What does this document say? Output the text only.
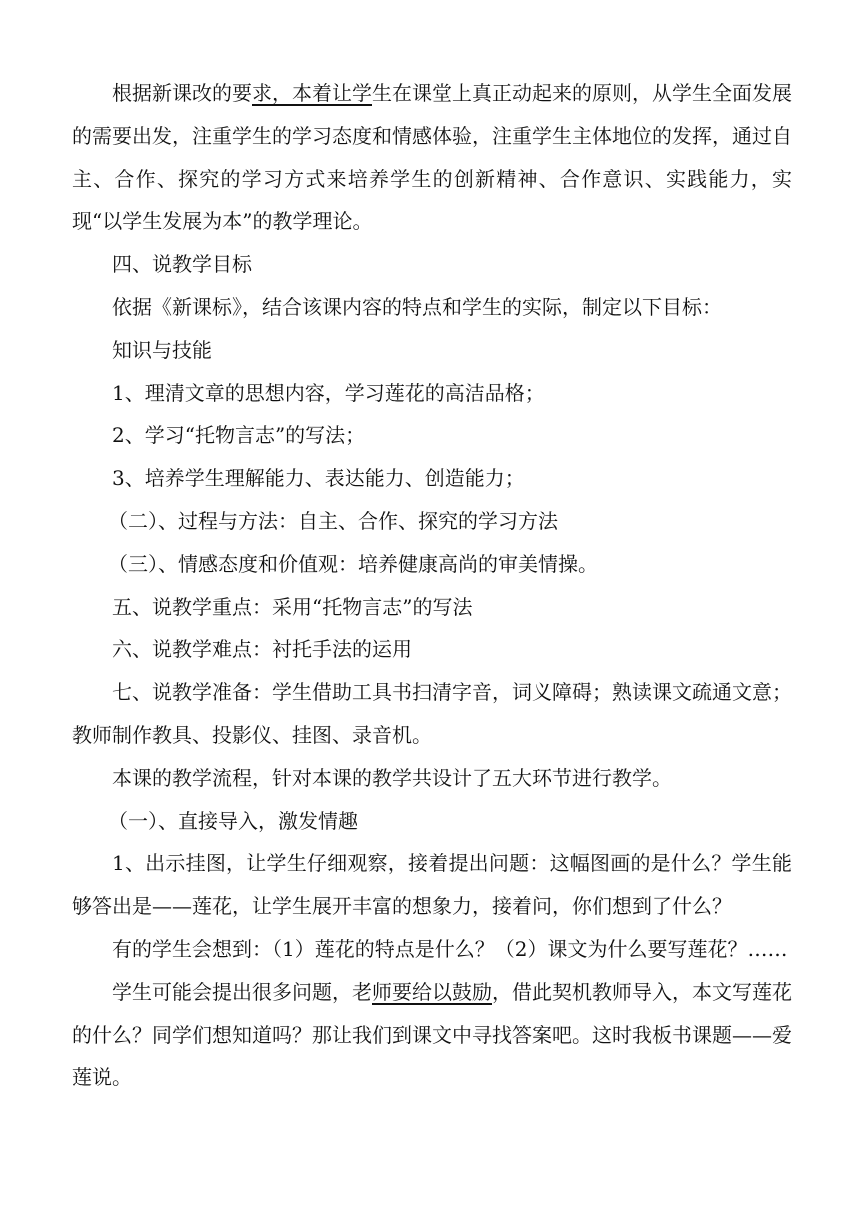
根据新课改的要求，本着让学生在课堂上真正动起来的原则，从学生全面发展的需要出发，注重学生的学习态度和情感体验，注重学生主体地位的发挥，通过自主、合作、探究的学习方式来培养学生的创新精神、合作意识、实践能力，实现“以学生发展为本”的教学理论。

四、说教学目标

依据《新课标》，结合该课内容的特点和学生的实际，制定以下目标：

知识与技能

1、理清文章的思想内容，学习莲花的高洁品格；

2、学习“托物言志”的写法；

3、培养学生理解能力、表达能力、创造能力；

（二）、过程与方法：自主、合作、探究的学习方法

（三）、情感态度和价值观：培养健康高尚的审美情操。

五、说教学重点：采用“托物言志”的写法

六、说教学难点：衬托手法的运用

七、说教学准备：学生借助工具书扫清字音，词义障碍；熟读课文疏通文意；教师制作教具、投影仪、挂图、录音机。

本课的教学流程，针对本课的教学共设计了五大环节进行教学。

（一）、直接导入，激发情趣

1、出示挂图，让学生仔细观察，接着提出问题：这幅图画的是什么？学生能够答出是——莲花，让学生展开丰富的想象力，接着问，你们想到了什么？

有的学生会想到：（1）莲花的特点是什么？（2）课文为什么要写莲花？……

学生可能会提出很多问题，老师要给以鼓励，借此契机教师导入，本文写莲花的什么？同学们想知道吗？那让我们到课文中寻找答案吧。这时我板书课题——爱莲说。
